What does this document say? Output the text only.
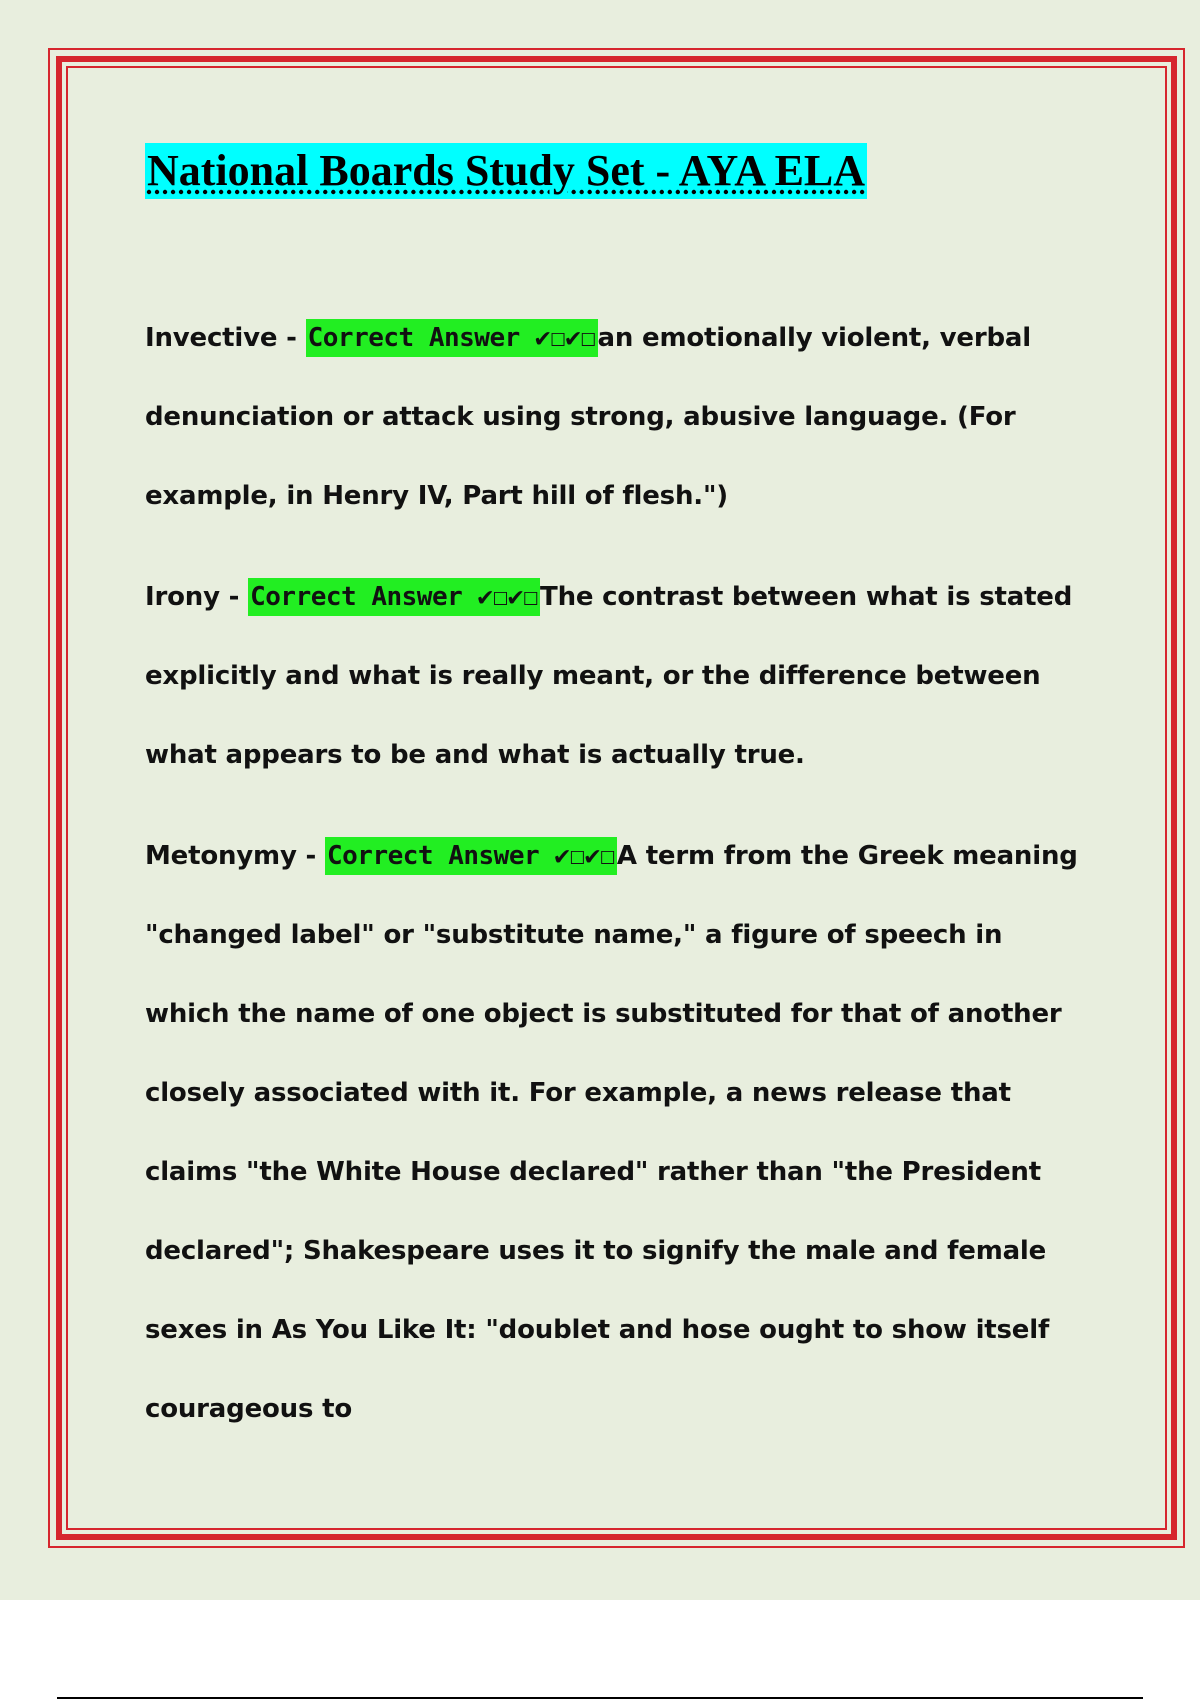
National Boards Study Set - AYA ELA

Invective - Correct Answer ✔☐✔☐an emotionally violent, verbal denunciation or attack using strong, abusive language. (For example, in Henry IV, Part hill of flesh.")

Irony - Correct Answer ✔☐✔☐The contrast between what is stated explicitly and what is really meant, or the difference between what appears to be and what is actually true.

Metonymy - Correct Answer ✔☐✔☐A term from the Greek meaning "changed label" or "substitute name," a figure of speech in which the name of one object is substituted for that of another closely associated with it. For example, a news release that claims "the White House declared" rather than "the President declared"; Shakespeare uses it to signify the male and female sexes in As You Like It: "doublet and hose ought to show itself courageous to
